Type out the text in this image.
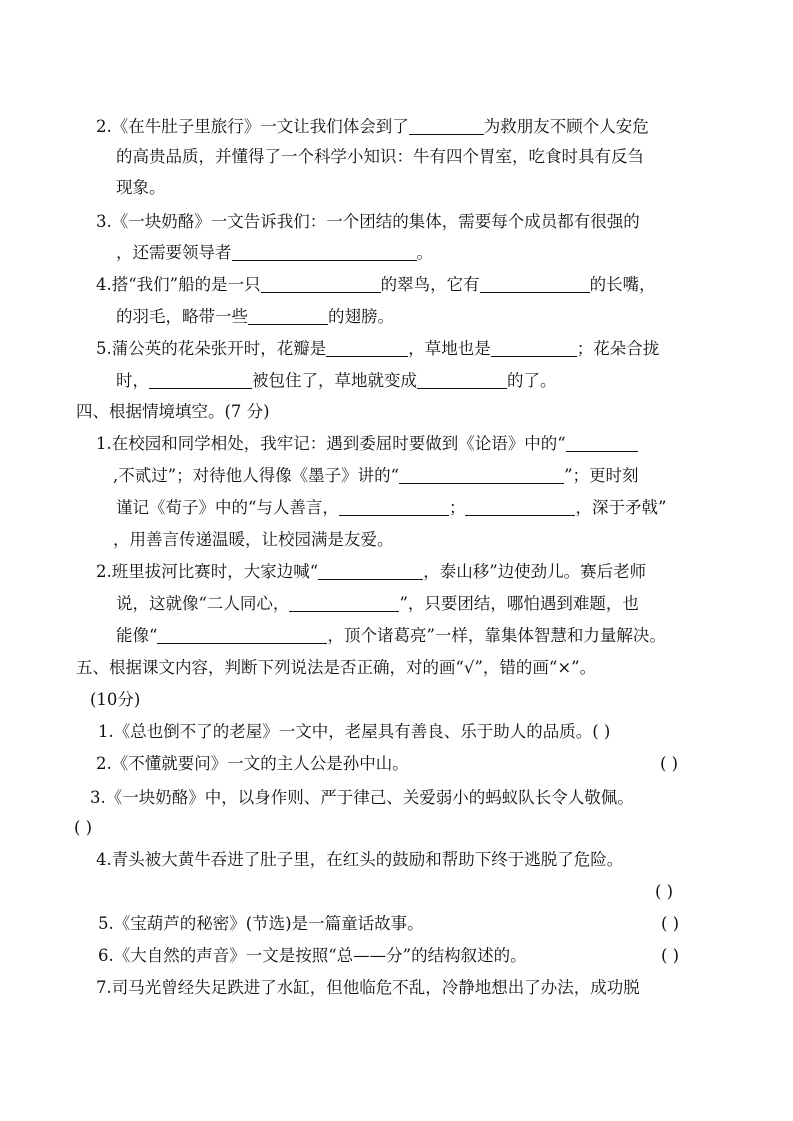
2.《在牛肚子里旅行》一文让我们体会到了	为救朋友不顾个人安危
的高贵品质，并懂得了一个科学小知识：牛有四个胃室，吃食时具有反刍
现象。
3.《一块奶酪》一文告诉我们：一个团结的集体，需要每个成员都有很强的
，还需要领导者	。
4.搭“我们”船的是一只	的翠鸟，它有	的长嘴，
的羽毛，略带一些	的翅膀。
5.蒲公英的花朵张开时，花瓣是	，草地也是	；花朵合拢
时，	被包住了，草地就变成	的了。
四、根据情境填空。(7 分)
1.在校园和同学相处，我牢记：遇到委屈时要做到《论语》中的“
,不贰过”；对待他人得像《墨子》讲的“	”；更时刻
谨记《荀子》中的“与人善言，	；	，深于矛戟”
，用善言传递温暖，让校园满是友爱。
2.班里拔河比赛时，大家边喊“	，泰山移”边使劲儿。赛后老师
说，这就像“二人同心，	”，只要团结，哪怕遇到难题，也
能像“	，顶个诸葛亮”一样，靠集体智慧和力量解决。
五、根据课文内容，判断下列说法是否正确，对的画“√”，错的画“×”。
(10分)
1.《总也倒不了的老屋》一文中，老屋具有善良、乐于助人的品质。( )
2.《不懂就要问》一文的主人公是孙中山。	( )
3.《一块奶酪》中，以身作则、严于律己、关爱弱小的蚂蚁队长令人敬佩。
( )
4.青头被大黄牛吞进了肚子里，在红头的鼓励和帮助下终于逃脱了危险。
( )
5.《宝葫芦的秘密》(节选)是一篇童话故事。	( )
6.《大自然的声音》一文是按照“总——分”的结构叙述的。	( )
7.司马光曾经失足跌进了水缸，但他临危不乱，冷静地想出了办法，成功脱
